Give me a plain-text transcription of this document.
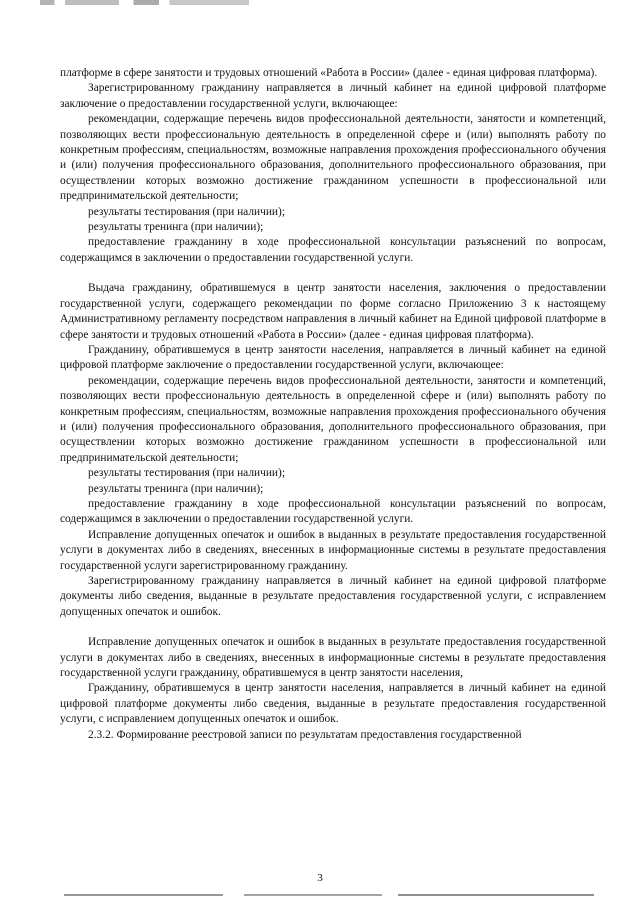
платформе в сфере занятости и трудовых отношений «Работа в России» (далее - единая цифровая платформа).

Зарегистрированному гражданину направляется в личный кабинет на единой цифровой платформе заключение о предоставлении государственной услуги, включающее:

рекомендации, содержащие перечень видов профессиональной деятельности, занятости и компетенций, позволяющих вести профессиональную деятельность в определенной сфере и (или) выполнять работу по конкретным профессиям, специальностям, возможные направления прохождения профессионального обучения и (или) получения профессионального образования, дополнительного профессионального образования, при осуществлении которых возможно достижение гражданином успешности в профессиональной или предпринимательской деятельности;

результаты тестирования (при наличии);

результаты тренинга (при наличии);

предоставление гражданину в ходе профессиональной консультации разъяснений по вопросам, содержащимся в заключении о предоставлении государственной услуги.

Выдача гражданину, обратившемуся в центр занятости населения, заключения о предоставлении государственной услуги, содержащего рекомендации по форме согласно Приложению 3 к настоящему Административному регламенту посредством направления в личный кабинет на Единой цифровой платформе в сфере занятости и трудовых отношений «Работа в России» (далее - единая цифровая платформа).

Гражданину, обратившемуся в центр занятости населения, направляется в личный кабинет на единой цифровой платформе заключение о предоставлении государственной услуги, включающее:

рекомендации, содержащие перечень видов профессиональной деятельности, занятости и компетенций, позволяющих вести профессиональную деятельность в определенной сфере и (или) выполнять работу по конкретным профессиям, специальностям, возможные направления прохождения профессионального обучения и (или) получения профессионального образования, дополнительного профессионального образования, при осуществлении которых возможно достижение гражданином успешности в профессиональной или предпринимательской деятельности;

результаты тестирования (при наличии);

результаты тренинга (при наличии);

предоставление гражданину в ходе профессиональной консультации разъяснений по вопросам, содержащимся в заключении о предоставлении государственной услуги.

Исправление допущенных опечаток и ошибок в выданных в результате предоставления государственной услуги в документах либо в сведениях, внесенных в информационные системы в результате предоставления государственной услуги зарегистрированному гражданину.

Зарегистрированному гражданину направляется в личный кабинет на единой цифровой платформе документы либо сведения, выданные в результате предоставления государственной услуги, с исправлением допущенных опечаток и ошибок.

Исправление допущенных опечаток и ошибок в выданных в результате предоставления государственной услуги в документах либо в сведениях, внесенных в информационные системы в результате предоставления государственной услуги гражданину, обратившемуся в центр занятости населения,

Гражданину, обратившемуся в центр занятости населения, направляется в личный кабинет на единой цифровой платформе документы либо сведения, выданные в результате предоставления государственной услуги, с исправлением допущенных опечаток и ошибок.

2.3.2. Формирование реестровой записи по результатам предоставления государственной

3
